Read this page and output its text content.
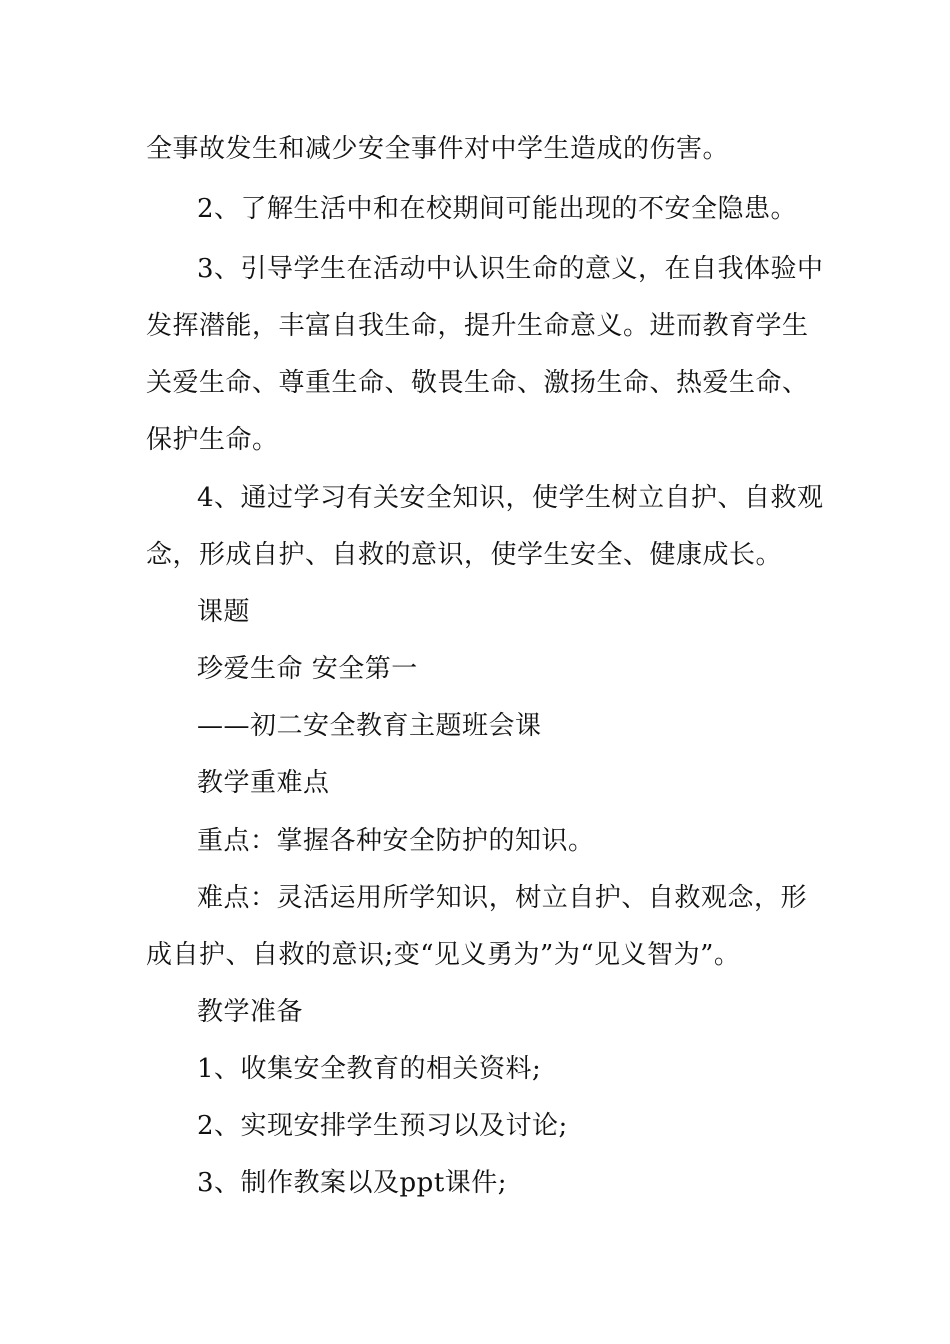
全事故发生和减少安全事件对中学生造成的伤害。
2、了解生活中和在校期间可能出现的不安全隐患。
3、引导学生在活动中认识生命的意义，在自我体验中
发挥潜能，丰富自我生命，提升生命意义。进而教育学生
关爱生命、尊重生命、敬畏生命、激扬生命、热爱生命、
保护生命。
4、通过学习有关安全知识，使学生树立自护、自救观
念，形成自护、自救的意识，使学生安全、健康成长。
课题
珍爱生命 安全第一
——初二安全教育主题班会课
教学重难点
重点：掌握各种安全防护的知识。
难点：灵活运用所学知识，树立自护、自救观念，形
成自护、自救的意识;变“见义勇为”为“见义智为”。
教学准备
1、收集安全教育的相关资料;
2、实现安排学生预习以及讨论;
3、制作教案以及ppt课件;
